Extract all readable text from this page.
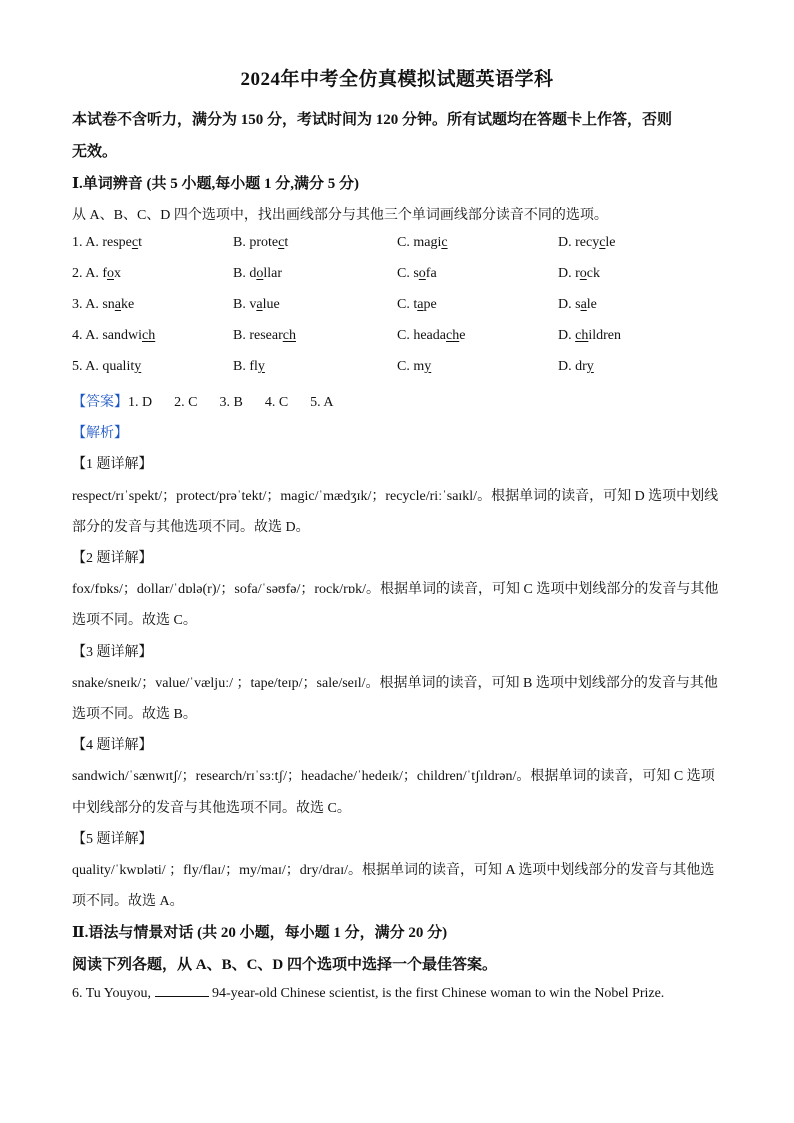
2024年中考全仿真模拟试题英语学科
本试卷不含听力，满分为 150 分，考试时间为 120 分钟。所有试题均在答题卡上作答，否则
无效。
Ⅰ.单词辨音 (共 5 小题,每小题 1 分,满分 5 分)
从 A、B、C、D 四个选项中，找出画线部分与其他三个单词画线部分读音不同的选项。
1. A. respect	B. protect	C. magic	D. recycle
2. A. fox	B. dollar	C. sofa	D. rock
3. A. snake	B. value	C. tape	D. sale
4. A. sandwich	B. research	C. headache	D. children
5. A. quality	B. fly	C. my	D. dry
【答案】1. D 2. C 3. B 4. C 5. A
【解析】
【1 题详解】
respect/rɪˈspekt/；protect/prəˈtekt/；magic/ˈmædʒɪk/；recycle/riːˈsaɪkl/。根据单词的读音，可知 D 选项中划线
部分的发音与其他选项不同。故选 D。
【2 题详解】
fox/fɒks/；dollar/ˈdɒlə(r)/；sofa/ˈsəʊfə/；rock/rɒk/。根据单词的读音，可知 C 选项中划线部分的发音与其他
选项不同。故选 C。
【3 题详解】
snake/sneɪk/；value/ˈvæljuː/ ；tape/teɪp/；sale/seɪl/。根据单词的读音，可知 B 选项中划线部分的发音与其他
选项不同。故选 B。
【4 题详解】
sandwich/ˈsænwɪtʃ/；research/rɪˈsɜːtʃ/；headache/ˈhedeɪk/；children/ˈtʃɪldrən/。根据单词的读音，可知 C 选项
中划线部分的发音与其他选项不同。故选 C。
【5 题详解】
quality/ˈkwɒləti/ ；fly/flaɪ/；my/maɪ/；dry/draɪ/。根据单词的读音，可知 A 选项中划线部分的发音与其他选
项不同。故选 A。
Ⅱ.语法与情景对话 (共 20 小题，每小题 1 分，满分 20 分)
阅读下列各题，从 A、B、C、D 四个选项中选择一个最佳答案。
6. Tu Youyou,	94-year-old Chinese scientist, is the first Chinese woman to win the Nobel Prize.
